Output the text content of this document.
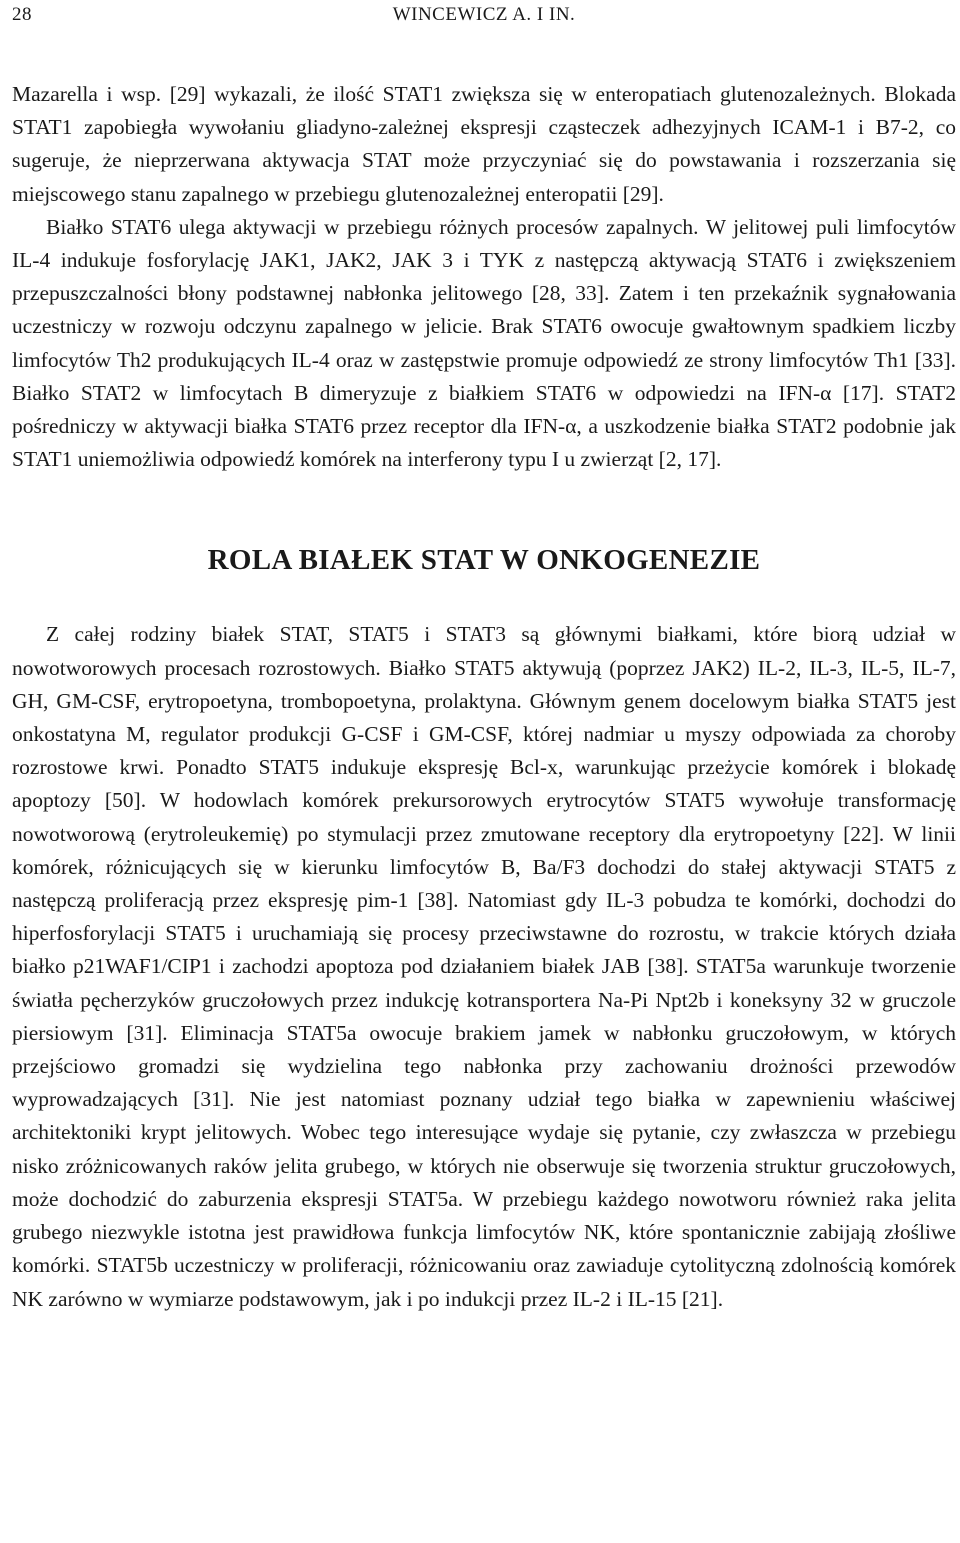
28	WINCEWICZ A. I IN.

Mazarella i wsp. [29] wykazali, że ilość STAT1 zwiększa się w enteropatiach glutenozależnych. Blokada STAT1 zapobiegła wywołaniu gliadyno-zależnej ekspresji cząsteczek adhezyjnych ICAM-1 i B7-2, co sugeruje, że nieprzerwana aktywacja STAT może przyczyniać się do powstawania i rozszerzania się miejscowego stanu zapalnego w przebiegu glutenozależnej enteropatii [29].

Białko STAT6 ulega aktywacji w przebiegu różnych procesów zapalnych. W jelitowej puli limfocytów IL-4 indukuje fosforylację JAK1, JAK2, JAK 3 i TYK z następczą aktywacją STAT6 i zwiększeniem przepuszczalności błony podstawnej nabłonka jelitowego [28, 33]. Zatem i ten przekaźnik sygnałowania uczestniczy w rozwoju odczynu zapalnego w jelicie. Brak STAT6 owocuje gwałtownym spadkiem liczby limfocytów Th2 produkujących IL-4 oraz w zastępstwie promuje odpowiedź ze strony limfocytów Th1 [33]. Białko STAT2 w limfocytach B dimeryzuje z białkiem STAT6 w odpowiedzi na IFN-α [17]. STAT2 pośredniczy w aktywacji białka STAT6 przez receptor dla IFN-α, a uszkodzenie białka STAT2 podobnie jak STAT1 uniemożliwia odpowiedź komórek na interferony typu I u zwierząt [2, 17].

ROLA BIAŁEK STAT W ONKOGENEZIE

Z całej rodziny białek STAT, STAT5 i STAT3 są głównymi białkami, które biorą udział w nowotworowych procesach rozrostowych. Białko STAT5 aktywują (poprzez JAK2) IL-2, IL-3, IL-5, IL-7, GH, GM-CSF, erytropoetyna, trombopoetyna, prolaktyna. Głównym genem docelowym białka STAT5 jest onkostatyna M, regulator produkcji G-CSF i GM-CSF, której nadmiar u myszy odpowiada za choroby rozrostowe krwi. Ponadto STAT5 indukuje ekspresję Bcl-x, warunkując przeżycie komórek i blokadę apoptozy [50]. W hodowlach komórek prekursorowych erytrocytów STAT5 wywołuje transformację nowotworową (erytroleukemię) po stymulacji przez zmutowane receptory dla erytropoetyny [22]. W linii komórek, różnicujących się w kierunku limfocytów B, Ba/F3 dochodzi do stałej aktywacji STAT5 z następczą proliferacją przez ekspresję pim-1 [38]. Natomiast gdy IL-3 pobudza te komórki, dochodzi do hiperfosforylacji STAT5 i uruchamiają się procesy przeciwstawne do rozrostu, w trakcie których działa białko p21WAF1/CIP1 i zachodzi apoptoza pod działaniem białek JAB [38]. STAT5a warunkuje tworzenie światła pęcherzyków gruczołowych przez indukcję kotransportera Na-Pi Npt2b i koneksyny 32 w gruczole piersiowym [31]. Eliminacja STAT5a owocuje brakiem jamek w nabłonku gruczołowym, w których przejściowo gromadzi się wydzielina tego nabłonka przy zachowaniu drożności przewodów wyprowadzających [31]. Nie jest natomiast poznany udział tego białka w zapewnieniu właściwej architektoniki krypt jelitowych. Wobec tego interesujące wydaje się pytanie, czy zwłaszcza w przebiegu nisko zróżnicowanych raków jelita grubego, w których nie obserwuje się tworzenia struktur gruczołowych, może dochodzić do zaburzenia ekspresji STAT5a. W przebiegu każdego nowotworu również raka jelita grubego niezwykle istotna jest prawidłowa funkcja limfocytów NK, które spontanicznie zabijają złośliwe komórki. STAT5b uczestniczy w proliferacji, różnicowaniu oraz zawiaduje cytolityczną zdolnością komórek NK zarówno w wymiarze podstawowym, jak i po indukcji przez IL-2 i IL-15 [21].
